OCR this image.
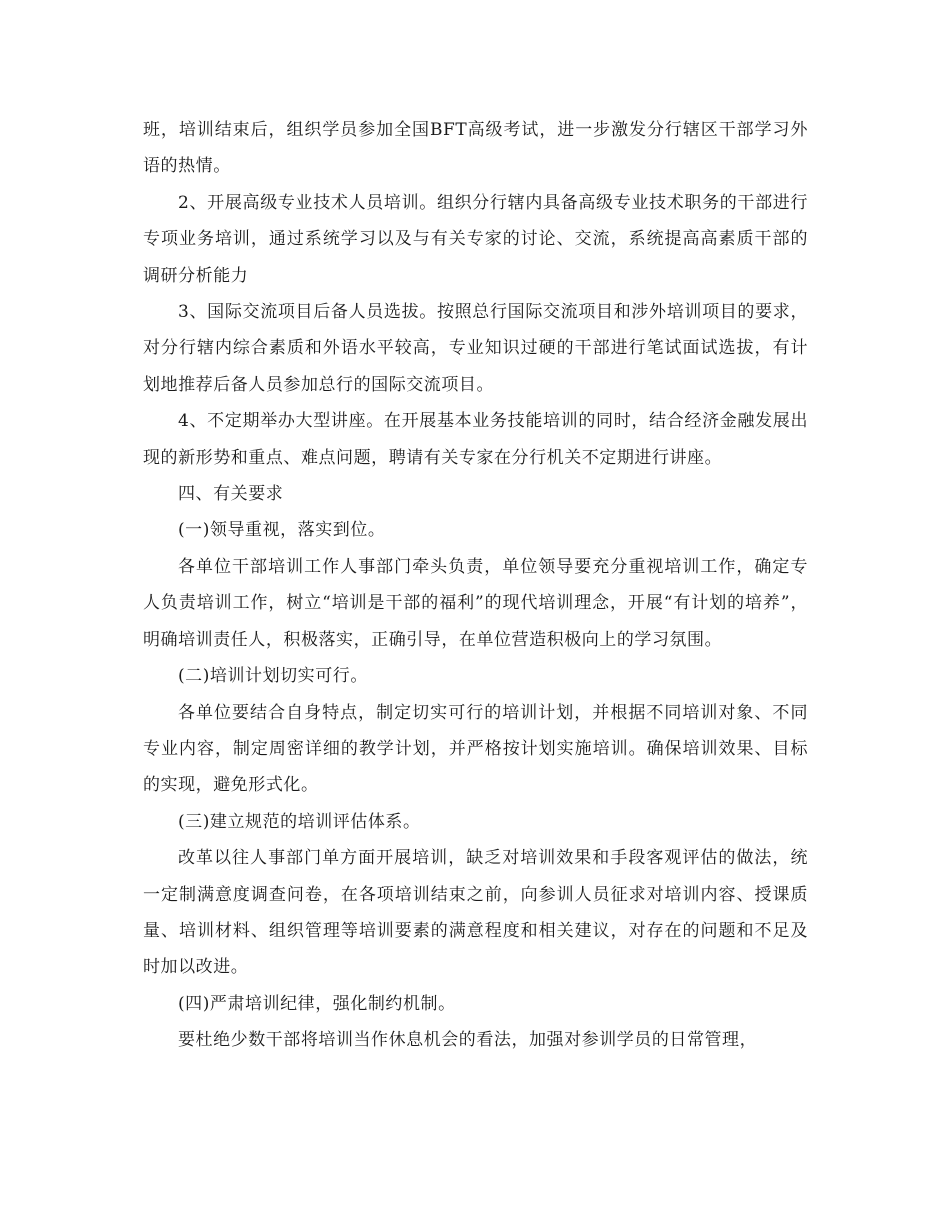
班，培训结束后，组织学员参加全国BFT高级考试，进一步激发分行辖区干部学习外语的热情。

2、开展高级专业技术人员培训。组织分行辖内具备高级专业技术职务的干部进行专项业务培训，通过系统学习以及与有关专家的讨论、交流，系统提高高素质干部的调研分析能力

3、国际交流项目后备人员选拔。按照总行国际交流项目和涉外培训项目的要求，对分行辖内综合素质和外语水平较高，专业知识过硬的干部进行笔试面试选拔，有计划地推荐后备人员参加总行的国际交流项目。

4、不定期举办大型讲座。在开展基本业务技能培训的同时，结合经济金融发展出现的新形势和重点、难点问题，聘请有关专家在分行机关不定期进行讲座。

四、有关要求

(一)领导重视，落实到位。

各单位干部培训工作人事部门牵头负责，单位领导要充分重视培训工作，确定专人负责培训工作，树立“培训是干部的福利”的现代培训理念，开展“有计划的培养”，明确培训责任人，积极落实，正确引导，在单位营造积极向上的学习氛围。

(二)培训计划切实可行。

各单位要结合自身特点，制定切实可行的培训计划，并根据不同培训对象、不同专业内容，制定周密详细的教学计划，并严格按计划实施培训。确保培训效果、目标的实现，避免形式化。

(三)建立规范的培训评估体系。

改革以往人事部门单方面开展培训，缺乏对培训效果和手段客观评估的做法，统一定制满意度调查问卷，在各项培训结束之前，向参训人员征求对培训内容、授课质量、培训材料、组织管理等培训要素的满意程度和相关建议，对存在的问题和不足及时加以改进。

(四)严肃培训纪律，强化制约机制。

要杜绝少数干部将培训当作休息机会的看法，加强对参训学员的日常管理，
